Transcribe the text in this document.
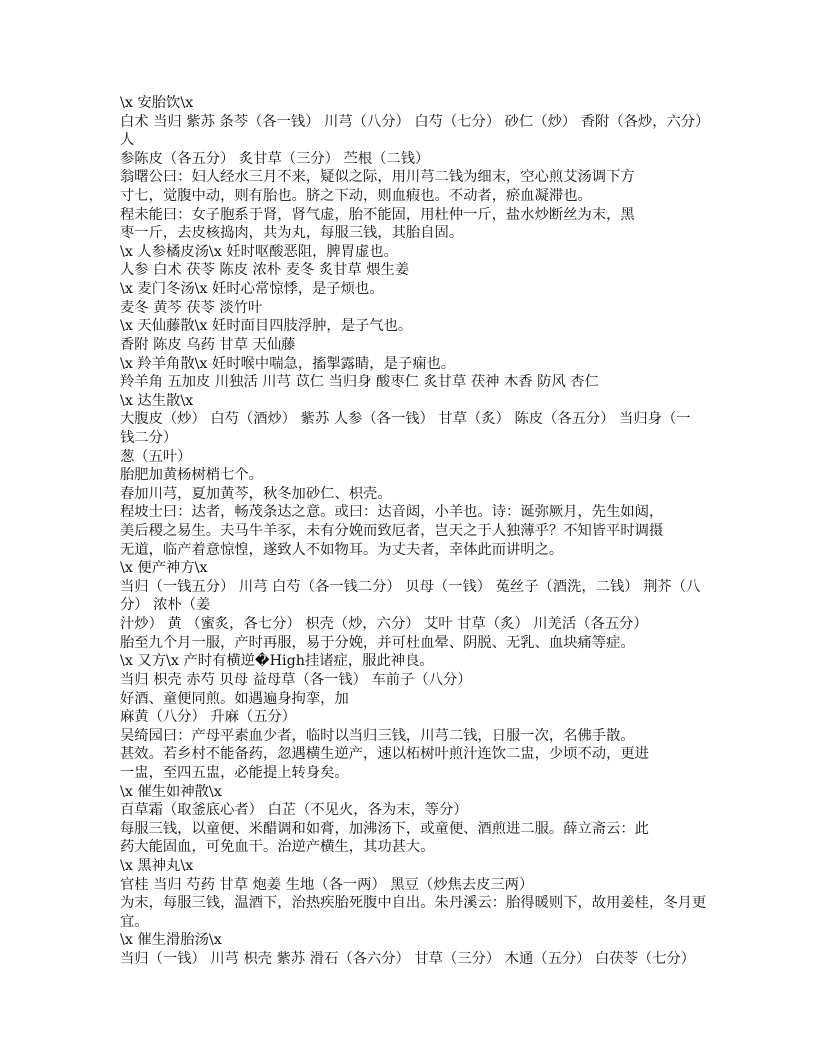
\x 安胎饮\x
白术 当归 紫苏 条芩（各一钱） 川芎（八分） 白芍（七分） 砂仁（炒） 香附（各炒，六分）
人
参陈皮（各五分） 炙甘草（三分） 苎根（二钱）
翁曙公曰：妇人经水三月不来，疑似之际，用川芎二钱为细末，空心煎艾汤调下方
寸七，觉腹中动，则有胎也。脐之下动，则血瘕也。不动者，瘀血凝滞也。
程未能曰：女子胞系于肾，肾气虚，胎不能固，用杜仲一斤，盐水炒断丝为末，黑
枣一斤，去皮核捣肉，共为丸，每服三钱，其胎自固。
\x 人参橘皮汤\x 妊时呕酸恶阻，脾胃虚也。
人参 白术 茯苓 陈皮 浓朴 麦冬 炙甘草 煨生姜
\x 麦门冬汤\x 妊时心常惊悸，是子烦也。
麦冬 黄芩 茯苓 淡竹叶
\x 天仙藤散\x 妊时面目四肢浮肿，是子气也。
香附 陈皮 乌药 甘草 天仙藤
\x 羚羊角散\x 妊时喉中喘急，搐掣露睛，是子痫也。
羚羊角 五加皮 川独活 川芎 苡仁 当归身 酸枣仁 炙甘草 茯神 木香 防风 杏仁
\x 达生散\x
大腹皮（炒） 白芍（酒炒） 紫苏 人参（各一钱） 甘草（炙） 陈皮（各五分） 当归身（一
钱二分）
葱（五叶）
胎肥加黄杨树梢七个。
春加川芎，夏加黄芩，秋冬加砂仁、枳壳。
程坡士曰：达者，畅茂条达之意。或曰：达音闼，小羊也。诗：诞弥厥月，先生如闼，
美后稷之易生。夫马牛羊豕，未有分娩而致厄者，岂天之于人独薄乎？不知皆平时调摄
无道，临产着意惊惶，遂致人不如物耳。为丈夫者，幸体此而讲明之。
\x 便产神方\x
当归（一钱五分） 川芎 白芍（各一钱二分） 贝母（一钱） 菟丝子（酒洗，二钱） 荆芥（八
分） 浓朴（姜
汁炒） 黄 （蜜炙，各七分） 枳壳（炒，六分） 艾叶 甘草（炙） 川羌活（各五分）
胎至九个月一服，产时再服，易于分娩，并可杜血晕、阴脱、无乳、血块痛等症。
\x 又方\x 产时有横逆�High挂诸症，服此神良。
当归 枳壳 赤芍 贝母 益母草（各一钱） 车前子（八分）
好酒、童便同煎。如遇遍身拘挛，加
麻黄（八分） 升麻（五分）
吴绮园曰：产母平素血少者，临时以当归三钱，川芎二钱，日服一次，名佛手散。
甚效。若乡村不能备药，忽遇横生逆产，速以柘树叶煎汁连饮二盅，少顷不动，更进
一盅，至四五盅，必能提上转身矣。
\x 催生如神散\x
百草霜（取釜底心者） 白芷（不见火，各为末，等分）
每服三钱，以童便、米醋调和如膏，加沸汤下，或童便、酒煎进二服。薛立斋云：此
药大能固血，可免血干。治逆产横生，其功甚大。
\x 黑神丸\x
官桂 当归 芍药 甘草 炮姜 生地（各一两） 黑豆（炒焦去皮三两）
为末，每服三钱，温酒下，治热疾胎死腹中自出。朱丹溪云：胎得暖则下，故用姜桂，冬月更
宜。
\x 催生滑胎汤\x
当归（一钱） 川芎 枳壳 紫苏 滑石（各六分） 甘草（三分） 木通（五分） 白茯苓（七分）
